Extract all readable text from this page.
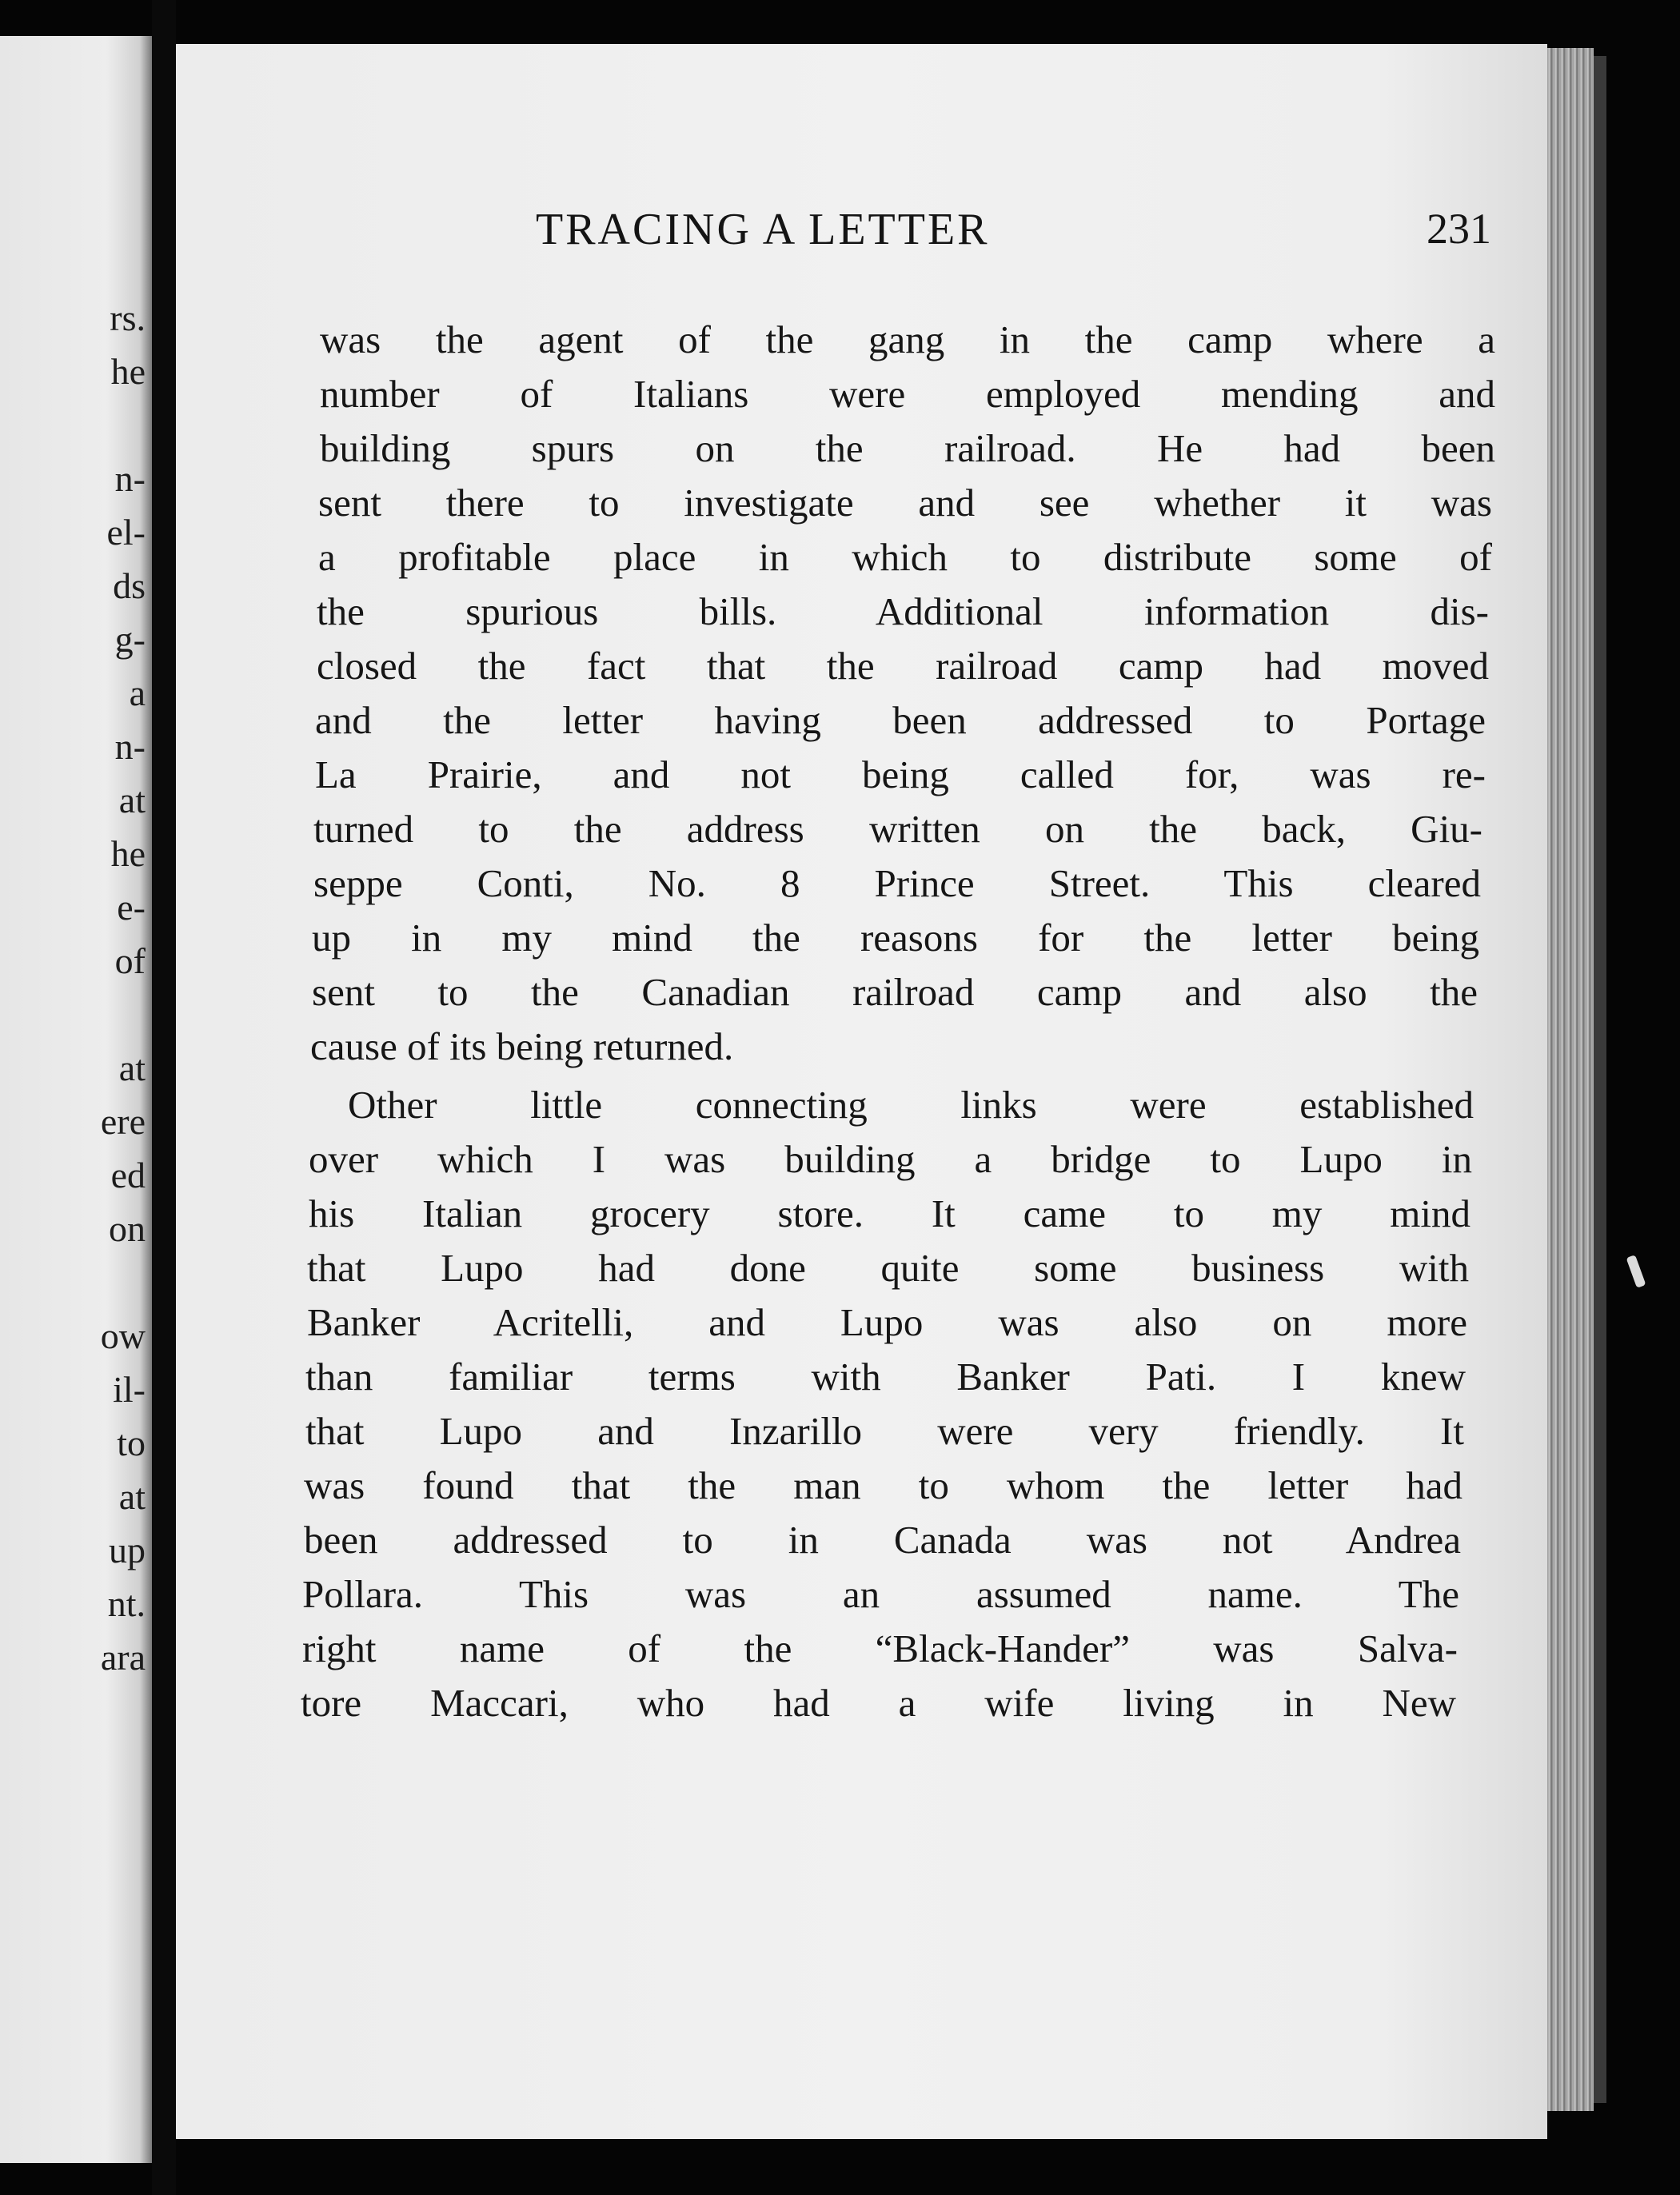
rs.

he

n-

el-

ds

g-

a

n-

at

he

e-

of

at

ere

ed

on

ow

il-

to

at

up

nt.

ara

TRACING A LETTER	231

was the agent of the gang in the camp where a

number of Italians were employed mending and

building spurs on the railroad. He had been

sent there to investigate and see whether it was

a profitable place in which to distribute some of

the spurious bills. Additional information dis-

closed the fact that the railroad camp had moved

and the letter having been addressed to Portage

La Prairie, and not being called for, was re-

turned to the address written on the back, Giu-

seppe Conti, No. 8 Prince Street. This cleared

up in my mind the reasons for the letter being

sent to the Canadian railroad camp and also the

cause of its being returned.

Other little connecting links were established

over which I was building a bridge to Lupo in

his Italian grocery store. It came to my mind

that Lupo had done quite some business with

Banker Acritelli, and Lupo was also on more

than familiar terms with Banker Pati. I knew

that Lupo and Inzarillo were very friendly. It

was found that the man to whom the letter had

been addressed to in Canada was not Andrea

Pollara. This was an assumed name. The

right name of the “Black-Hander” was Salva-

tore Maccari, who had a wife living in New
